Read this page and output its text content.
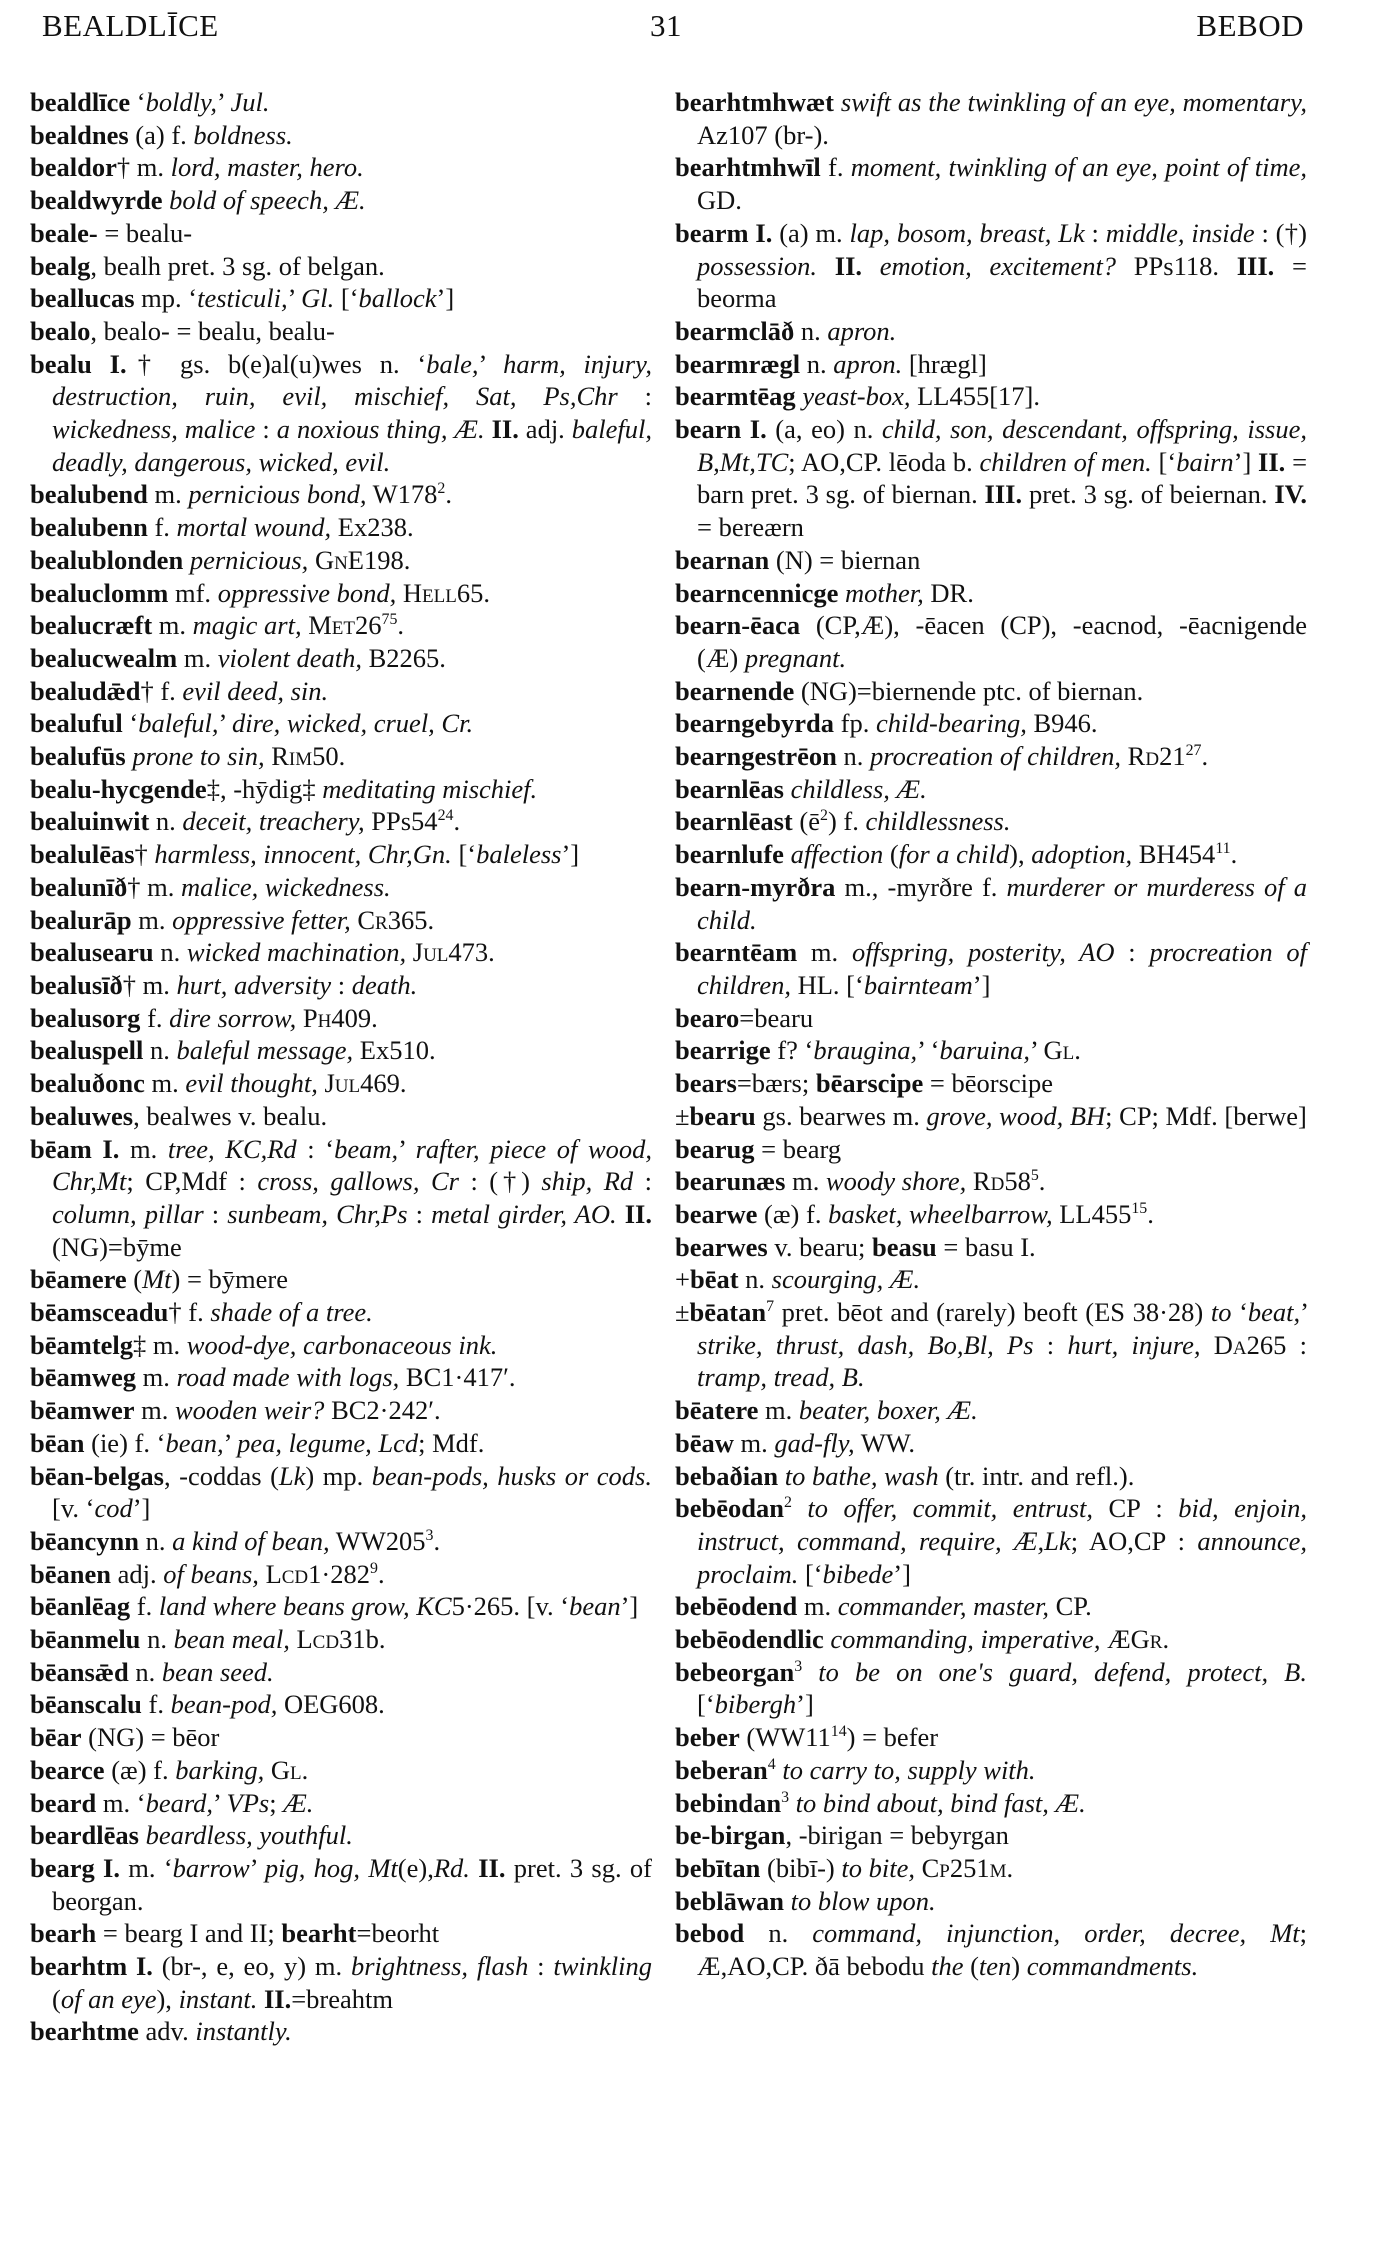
BEALDLĪCE	31	BEBOD
bealdlīce ‘boldly,’ Jul.
bealdnes (a) f. boldness.
bealdor† m. lord, master, hero.
bealdwyrde bold of speech, Æ.
beale- = bealu-
bealg, bealh pret. 3 sg. of belgan.
beallucas mp. ‘testiculi,’ Gl. [‘ballock’]
bealo, bealo- = bealu, bealu-
bealu I.† gs. b(e)al(u)wes n. ‘bale,’ harm, injury, destruction, ruin, evil, mischief, Sat, Ps,Chr : wickedness, malice : a noxious thing, Æ. II. adj. baleful, deadly, dangerous, wicked, evil.
bealubend m. pernicious bond, $W178^2$.
bealubenn f. mortal wound, Ex238.
bealublonden pernicious, GnE198.
bealuclomm mf. oppressive bond, Hell65.
bealucræft m. magic art, $Met26^{75}$.
bealucwealm m. violent death, B2265.
bealudǣd† f. evil deed, sin.
bealuful ‘baleful,’ dire, wicked, cruel, Cr.
bealufūs prone to sin, Rim50.
bealu-hycgende‡, -hȳdig‡ meditating mischief.
bealuinwit n. deceit, treachery, $PPs54^{24}$.
bealulēas† harmless, innocent, Chr,Gn. [‘baleless’]
bealunīð† m. malice, wickedness.
bealurāp m. oppressive fetter, Cr365.
bealusearu n. wicked machination, Jul473.
bealusīð† m. hurt, adversity : death.
bealusorg f. dire sorrow, Ph409.
bealuspell n. baleful message, Ex510.
bealuðonc m. evil thought, Jul469.
bealuwes, bealwes v. bealu.
bēam I. m. tree, KC,Rd : ‘beam,’ rafter, piece of wood, Chr,Mt; CP,Mdf : cross, gallows, Cr : (†) ship, Rd : column, pillar : sunbeam, Chr,Ps : metal girder, AO. II. (NG)=bȳme
bēamere (Mt) = bȳmere
bēamsceadu† f. shade of a tree.
bēamtelg‡ m. wood-dye, carbonaceous ink.
bēamweg m. road made with logs, BC1·417′.
bēamwer m. wooden weir? BC2·242′.
bēan (ie) f. ‘bean,’ pea, legume, Lcd; Mdf.
bēan-belgas, -coddas (Lk) mp. bean-pods, husks or cods. [v. ‘cod’]
bēancynn n. a kind of bean, $WW205^3$.
bēanen adj. of beans, $Lcd1\cdot 282^9$.
bēanlēag f. land where beans grow, KC5·265. [v. ‘bean’]
bēanmelu n. bean meal, Lcd31b.
bēansǣd n. bean seed.
bēanscalu f. bean-pod, OEG608.
bēar (NG) = bēor
bearce (æ) f. barking, Gl.
beard m. ‘beard,’ VPs; Æ.
beardlēas beardless, youthful.
bearg I. m. ‘barrow’ pig, hog, Mt(e),Rd. II. pret. 3 sg. of beorgan.
bearh = bearg I and II; bearht=beorht
bearhtm I. (br-, e, eo, y) m. brightness, flash : twinkling (of an eye), instant. II.=breahtm
bearhtme adv. instantly.
bearhtmhwæt swift as the twinkling of an eye, momentary, Az107 (br-).
bearhtmhwīl f. moment, twinkling of an eye, point of time, GD.
bearm I. (a) m. lap, bosom, breast, Lk : middle, inside : (†) possession. II. emotion, excitement? PPs118. III. = beorma
bearmclāð n. apron.
bearmrægl n. apron. [hrægl]
bearmtēag yeast-box, LL455[17].
bearn I. (a, eo) n. child, son, descendant, offspring, issue, B,Mt,TC; AO,CP. lēoda b. children of men. [‘bairn’] II. = barn pret. 3 sg. of biernan. III. pret. 3 sg. of beiernan. IV. = bereærn
bearnan (N) = biernan
bearncennicge mother, DR.
bearn-ēaca (CP,Æ), -ēacen (CP), -eacnod, -ēacnigende (Æ) pregnant.
bearnende (NG)=biernende ptc. of biernan.
bearngebyrda fp. child-bearing, B946.
bearngestrēon n. procreation of children, $Rd21^{27}$.
bearnlēas childless, Æ.
bearnlēast $(ē^2)$ f. childlessness.
bearnlufe affection (for a child), adoption, $BH454^{11}$.
bearn-myrðra m., -myrðre f. murderer or murderess of a child.
bearntēam m. offspring, posterity, AO : procreation of children, HL. [‘bairnteam’]
bearo=bearu
bearrige f? ‘braugina,’ ‘baruina,’ Gl.
bears=bærs; bēarscipe = bēorscipe
±bearu gs. bearwes m. grove, wood, BH; CP; Mdf. [berwe]
bearug = bearg
bearunæs m. woody shore, $Rd58^5$.
bearwe (æ) f. basket, wheelbarrow, $LL455^{15}$.
bearwes v. bearu; beasu = basu I.
+bēat n. scourging, Æ.
±bēatan$^7$ pret. bēot and (rarely) beoft (ES 38·28) to ‘beat,’ strike, thrust, dash, Bo,Bl, Ps : hurt, injure, Da265 : tramp, tread, B.
bēatere m. beater, boxer, Æ.
bēaw m. gad-fly, WW.
bebaðian to bathe, wash (tr. intr. and refl.).
bebēodan$^2$ to offer, commit, entrust, CP : bid, enjoin, instruct, command, require, Æ,Lk; AO,CP : announce, proclaim. [‘bibede’]
bebēodend m. commander, master, CP.
bebēodendlic commanding, imperative, ÆGr.
bebeorgan$^3$ to be on one's guard, defend, protect, B. [‘bibergh’]
beber $(WW11^{14})$ = befer
beberan$^4$ to carry to, supply with.
bebindan$^3$ to bind about, bind fast, Æ.
be-birgan, -birigan = bebyrgan
bebītan (bibī-) to bite, Cp251m.
beblāwan to blow upon.
bebod n. command, injunction, order, decree, Mt; Æ,AO,CP. ðā bebodu the (ten) commandments.
